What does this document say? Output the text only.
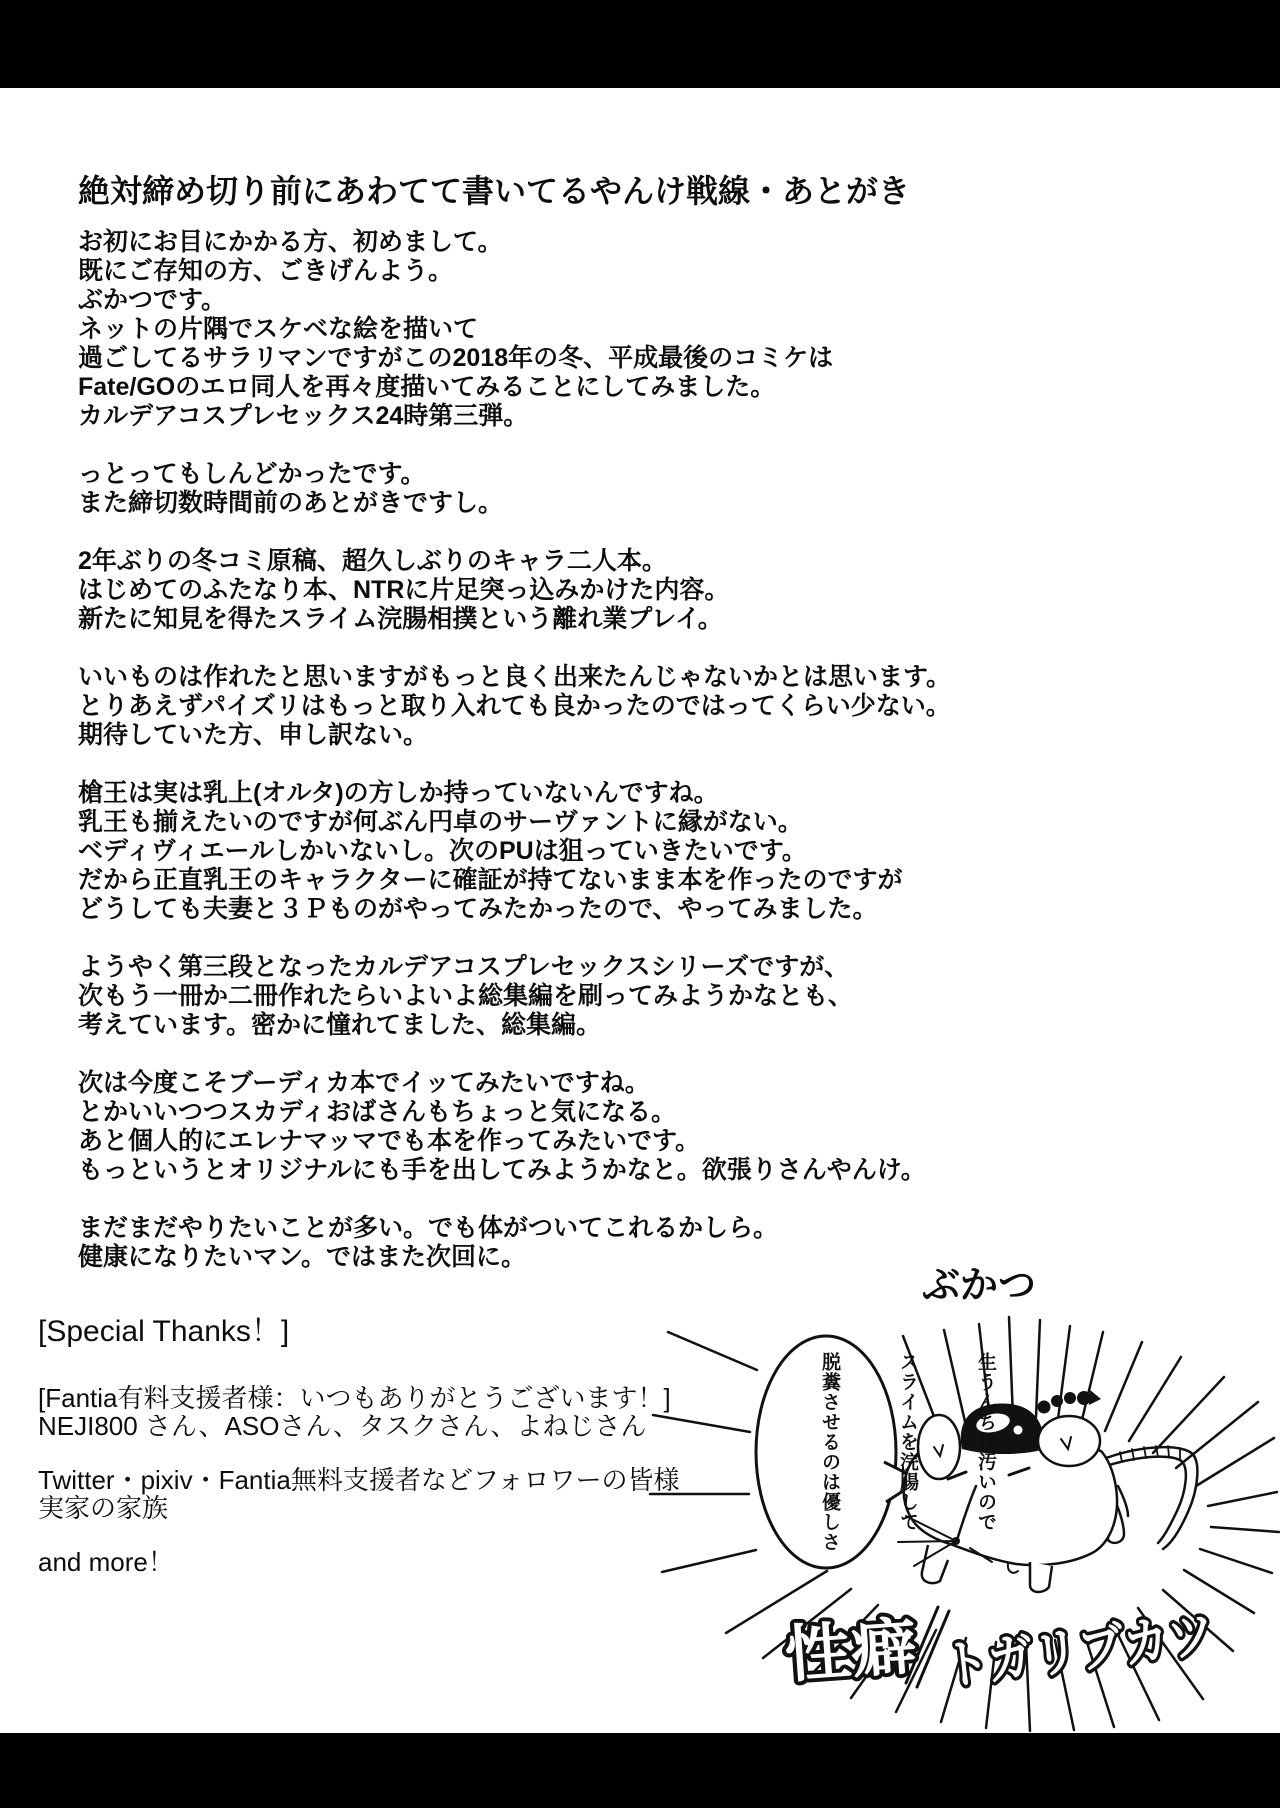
絶対締め切り前にあわてて書いてるやんけ戦線・あとがき

お初にお目にかかる方、初めまして。
既にご存知の方、ごきげんよう。
ぶかつです。
ネットの片隅でスケベな絵を描いて
過ごしてるサラリマンですがこの2018年の冬、平成最後のコミケは
Fate/GOのエロ同人を再々度描いてみることにしてみました。
カルデアコスプレセックス24時第三弾。

っとってもしんどかったです。
また締切数時間前のあとがきですし。

2年ぶりの冬コミ原稿、超久しぶりのキャラ二人本。
はじめてのふたなり本、NTRに片足突っ込みかけた内容。
新たに知見を得たスライム浣腸相撲という離れ業プレイ。

いいものは作れたと思いますがもっと良く出来たんじゃないかとは思います。
とりあえずパイズリはもっと取り入れても良かったのではってくらい少ない。
期待していた方、申し訳ない。

槍王は実は乳上(オルタ)の方しか持っていないんですね。
乳王も揃えたいのですが何ぶん円卓のサーヴァントに縁がない。
ベディヴィエールしかいないし。次のPUは狙っていきたいです。
だから正直乳王のキャラクターに確証が持てないまま本を作ったのですが
どうしても夫妻と３Ｐものがやってみたかったので、やってみました。

ようやく第三段となったカルデアコスプレセックスシリーズですが、
次もう一冊か二冊作れたらいよいよ総集編を刷ってみようかなとも、
考えています。密かに憧れてました、総集編。

次は今度こそブーディカ本でイッてみたいですね。
とかいいつつスカディおばさんもちょっと気になる。
あと個人的にエレナマッマでも本を作ってみたいです。
もっというとオリジナルにも手を出してみようかなと。欲張りさんやんけ。

まだまだやりたいことが多い。でも体がついてこれるかしら。
健康になりたいマン。ではまた次回に。

ぶかつ
[Special Thanks！]

[Fantia有料支援者様：いつもありがとうございます！]
NEJI800 さん、ASOさん、タスクさん、よねじさん

Twitter・pixiv・Fantia無料支援者などフォロワーの皆様
実家の家族

and more！

性癖 トガリブカツ

生うんちは汚いので

スライムを浣腸して

脱糞させるのは優しさ
